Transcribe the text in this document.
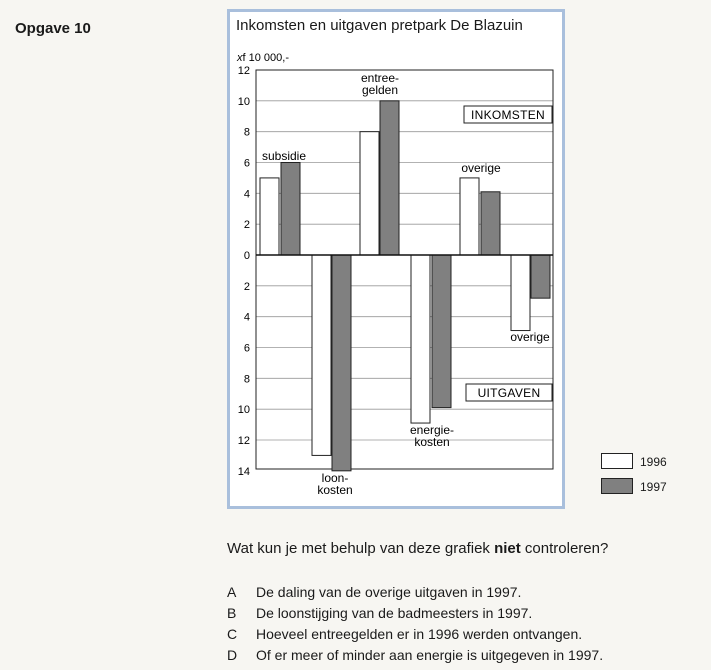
Opgave 10	Inkomsten en uitgaven pretpark De Blazuin
xf 10 000,-
0
2
4
6
8
10
12
2
4
6
8
10
12
14
subsidie
entree-
gelden
overige
loon-
kosten
energie-
kosten
overige
INKOMSTEN
UITGAVEN
1996
1997
Wat kun je met behulp van deze grafiek niet controleren?
A De daling van de overige uitgaven in 1997.
B De loonstijging van de badmeesters in 1997.
C Hoeveel entreegelden er in 1996 werden ontvangen.
D Of er meer of minder aan energie is uitgegeven in 1997.
